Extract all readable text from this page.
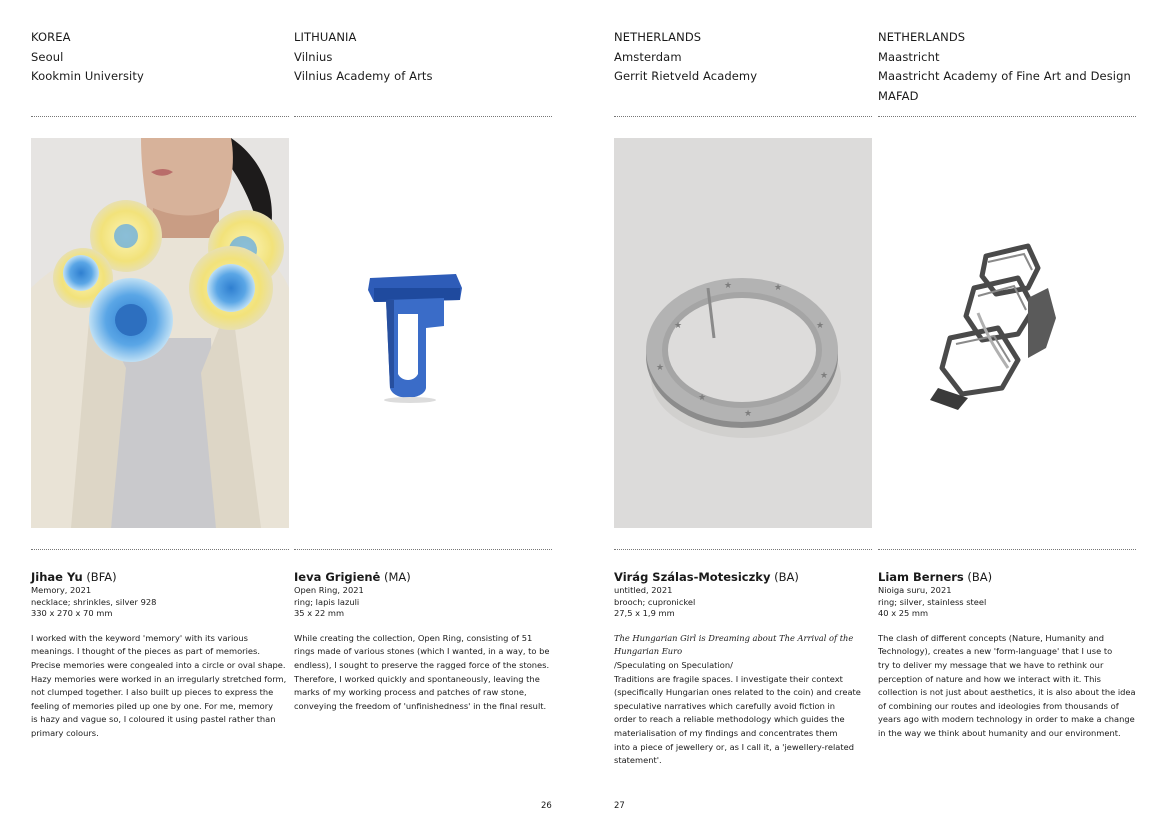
KOREA
Seoul
Kookmin University
Jihae Yu (BFA)
Memory, 2021
necklace; shrinkles, silver 928
330 x 270 x 70 mm

I worked with the keyword 'memory' with its various

meanings. I thought of the pieces as part of memories.

Precise memories were congealed into a circle or oval shape.

Hazy memories were worked in an irregularly stretched form,

not clumped together. I also built up pieces to express the

feeling of memories piled up one by one. For me, memory

is hazy and vague so, I coloured it using pastel rather than

primary colours.

LITHUANIA
Vilnius
Vilnius Academy of Arts
Ieva Grigienė (MA)
Open Ring, 2021
ring; lapis lazuli
35 x 22 mm

While creating the collection, Open Ring, consisting of 51

rings made of various stones (which I wanted, in a way, to be

endless), I sought to preserve the ragged force of the stones.

Therefore, I worked quickly and spontaneously, leaving the

marks of my working process and patches of raw stone,

conveying the freedom of 'unfinishedness' in the final result.

NETHERLANDS
Amsterdam
Gerrit Rietveld Academy
★
★	★
★
★
★
★
★
Virág Szálas-Motesiczky (BA)
untitled, 2021
brooch; cupronickel
27,5 x 1,9 mm

The Hungarian Girl is Dreaming about The Arrival of the

Hungarian Euro

/Speculating on Speculation/

Traditions are fragile spaces. I investigate their context

(specifically Hungarian ones related to the coin) and create

speculative narratives which carefully avoid fiction in

order to reach a reliable methodology which guides the

materialisation of my findings and concentrates them

into a piece of jewellery or, as I call it, a 'jewellery-related

statement'.

NETHERLANDS
Maastricht
Maastricht Academy of Fine Art and Design
MAFAD
Liam Berners (BA)
Nioiga suru, 2021
ring; silver, stainless steel
40 x 25 mm

The clash of different concepts (Nature, Humanity and

Technology), creates a new 'form-language' that I use to

try to deliver my message that we have to rethink our

perception of nature and how we interact with it. This

collection is not just about aesthetics, it is also about the idea

of combining our routes and ideologies from thousands of

years ago with modern technology in order to make a change

in the way we think about humanity and our environment.

26	27
